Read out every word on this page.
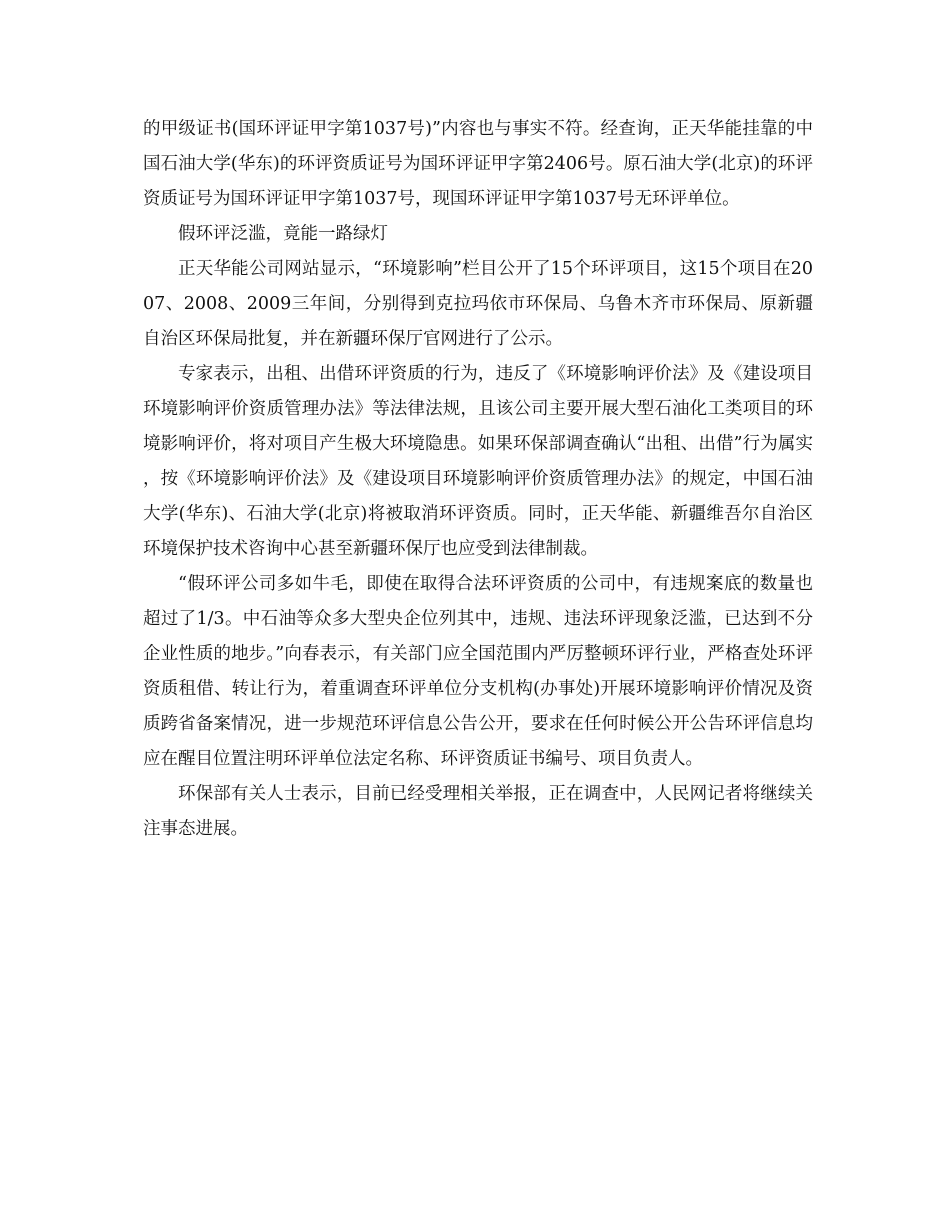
的甲级证书(国环评证甲字第1037号)”内容也与事实不符。经查询，正天华能挂靠的中国石油大学(华东)的环评资质证号为国环评证甲字第2406号。原石油大学(北京)的环评资质证号为国环评证甲字第1037号，现国环评证甲字第1037号无环评单位。

假环评泛滥，竟能一路绿灯

正天华能公司网站显示，“环境影响”栏目公开了15个环评项目，这15个项目在2007、2008、2009三年间，分别得到克拉玛依市环保局、乌鲁木齐市环保局、原新疆自治区环保局批复，并在新疆环保厅官网进行了公示。

专家表示，出租、出借环评资质的行为，违反了《环境影响评价法》及《建设项目环境影响评价资质管理办法》等法律法规，且该公司主要开展大型石油化工类项目的环境影响评价，将对项目产生极大环境隐患。如果环保部调查确认“出租、出借”行为属实，按《环境影响评价法》及《建设项目环境影响评价资质管理办法》的规定，中国石油大学(华东)、石油大学(北京)将被取消环评资质。同时，正天华能、新疆维吾尔自治区环境保护技术咨询中心甚至新疆环保厅也应受到法律制裁。

“假环评公司多如牛毛，即使在取得合法环评资质的公司中，有违规案底的数量也超过了1/3。中石油等众多大型央企位列其中，违规、违法环评现象泛滥，已达到不分企业性质的地步。”向春表示，有关部门应全国范围内严厉整顿环评行业，严格查处环评资质租借、转让行为，着重调查环评单位分支机构(办事处)开展环境影响评价情况及资质跨省备案情况，进一步规范环评信息公告公开，要求在任何时候公开公告环评信息均应在醒目位置注明环评单位法定名称、环评资质证书编号、项目负责人。

环保部有关人士表示，目前已经受理相关举报，正在调查中，人民网记者将继续关注事态进展。
